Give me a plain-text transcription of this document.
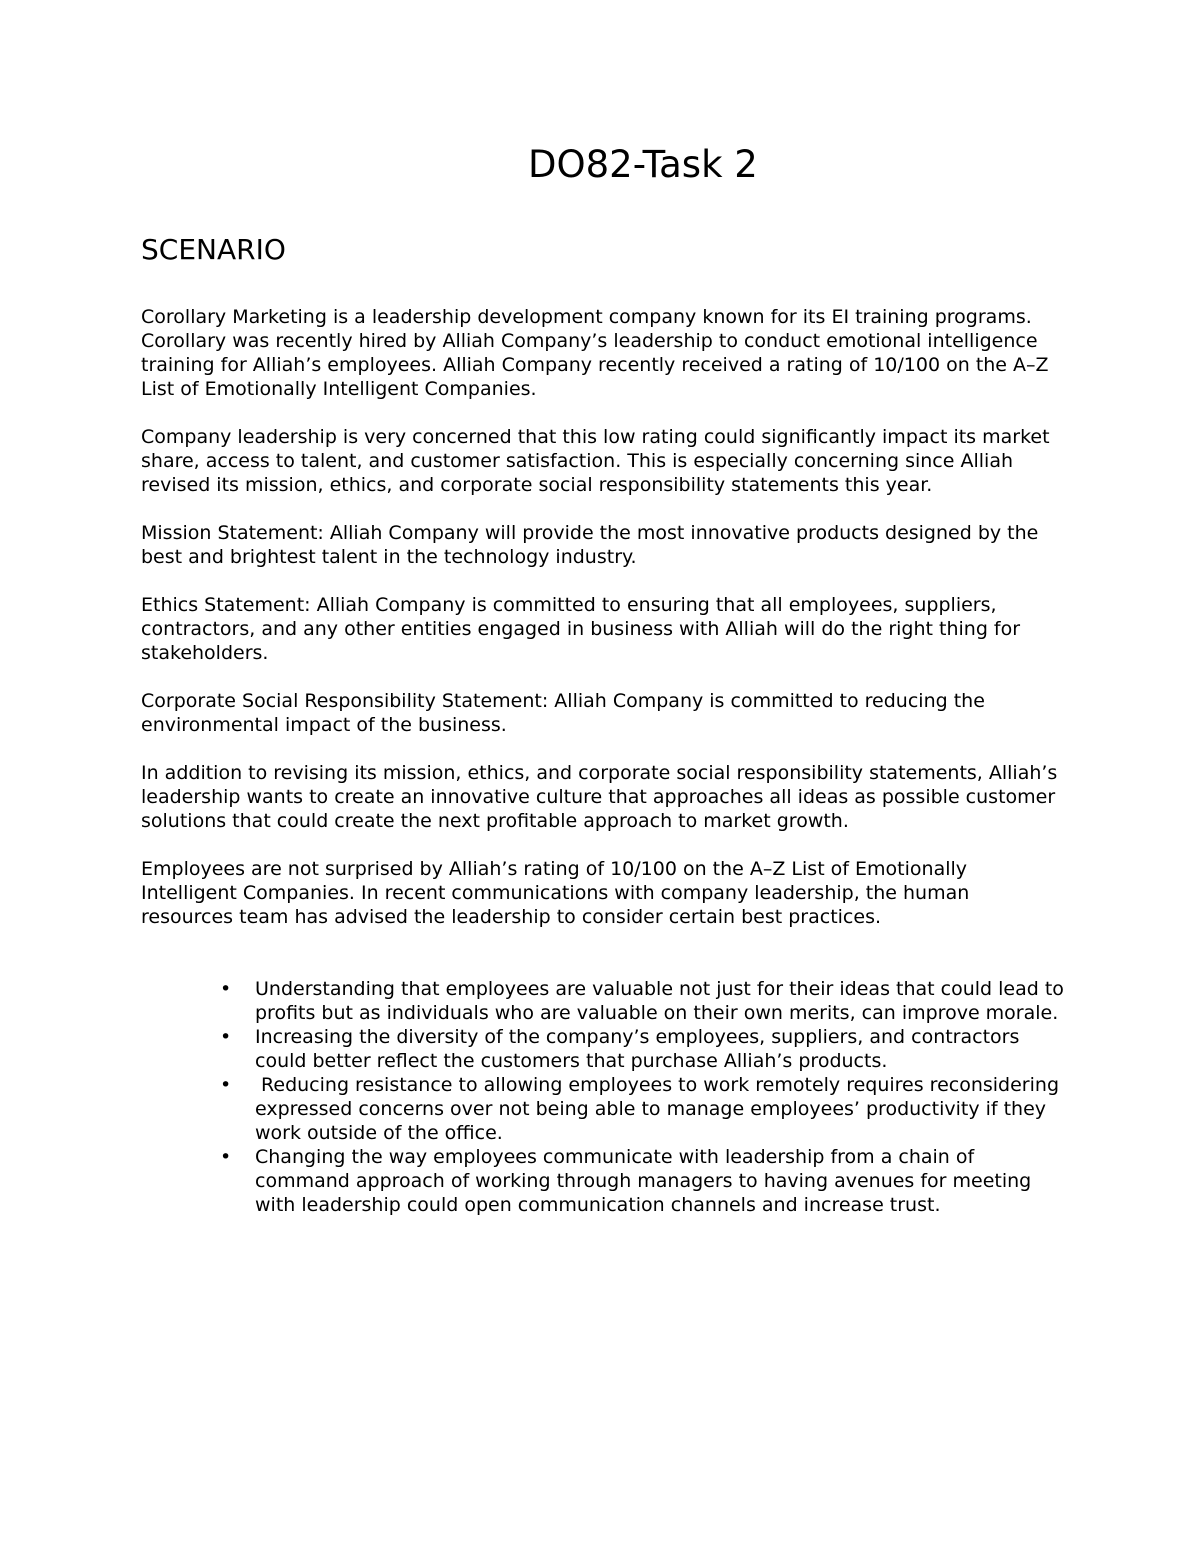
DO82-Task 2
SCENARIO

Corollary Marketing is a leadership development company known for its EI training programs. Corollary was recently hired by Alliah Company’s leadership to conduct emotional intelligence training for Alliah’s employees. Alliah Company recently received a rating of 10/100 on the A–Z List of Emotionally Intelligent Companies.

Company leadership is very concerned that this low rating could significantly impact its market share, access to talent, and customer satisfaction. This is especially concerning since Alliah revised its mission, ethics, and corporate social responsibility statements this year.

Mission Statement: Alliah Company will provide the most innovative products designed by the best and brightest talent in the technology industry.

Ethics Statement: Alliah Company is committed to ensuring that all employees, suppliers, contractors, and any other entities engaged in business with Alliah will do the right thing for stakeholders.

Corporate Social Responsibility Statement: Alliah Company is committed to reducing the environmental impact of the business.

In addition to revising its mission, ethics, and corporate social responsibility statements, Alliah’s leadership wants to create an innovative culture that approaches all ideas as possible customer solutions that could create the next profitable approach to market growth.

Employees are not surprised by Alliah’s rating of 10/100 on the A–Z List of Emotionally Intelligent Companies. In recent communications with company leadership, the human resources team has advised the leadership to consider certain best practices.

• Understanding that employees are valuable not just for their ideas that could lead to profits but as individuals who are valuable on their own merits, can improve morale.
• Increasing the diversity of the company’s employees, suppliers, and contractors could better reflect the customers that purchase Alliah’s products.
• Reducing resistance to allowing employees to work remotely requires reconsidering expressed concerns over not being able to manage employees’ productivity if they work outside of the office.
• Changing the way employees communicate with leadership from a chain of command approach of working through managers to having avenues for meeting with leadership could open communication channels and increase trust.
